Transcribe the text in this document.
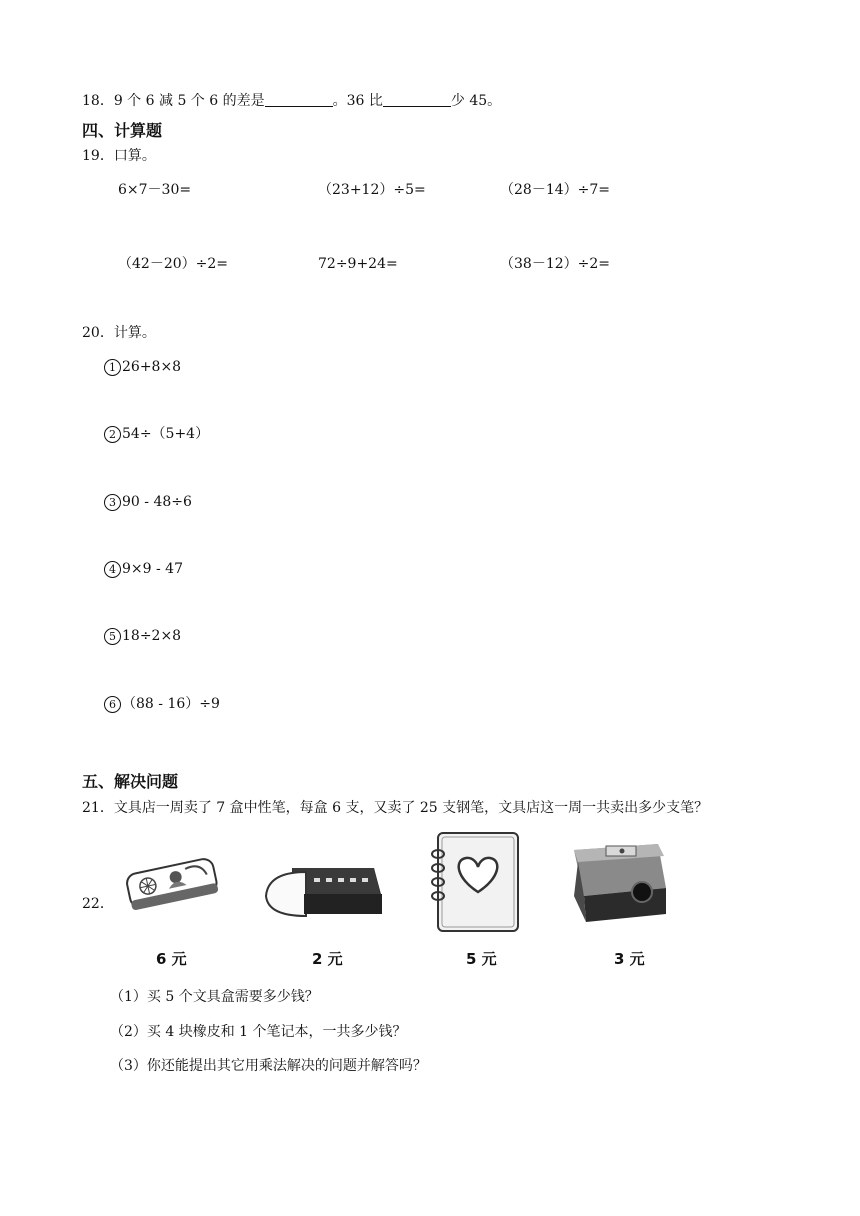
18．9 个 6 减 5 个 6 的差是	。36 比	少 45。
四、计算题
19．口算。
6×7－30=	（23+12）÷5=	（28－14）÷7=
（42－20）÷2=	72÷9+24=	（38－12）÷2=
20．计算。
1 26+8×8
2 54÷（5+4）
3 90 - 48÷6
4 9×9 - 47
5 18÷2×8
6 （88 - 16）÷9
五、解决问题
21．文具店一周卖了 7 盒中性笔，每盒 6 支，又卖了 25 支钢笔，文具店这一周一共卖出多少支笔？
22．
6 元	2 元	5 元	3 元
（1）买 5 个文具盒需要多少钱？
（2）买 4 块橡皮和 1 个笔记本，一共多少钱？
（3）你还能提出其它用乘法解决的问题并解答吗？
